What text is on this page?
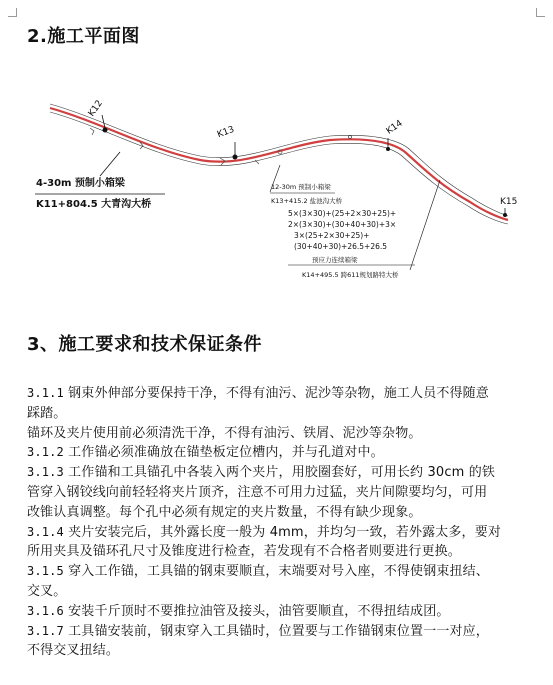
2.施工平面图
K12
K13	K14
K15
4-30m 预制小箱梁
K11+804.5 大青沟大桥
12-30m 预制小箱梁
K13+415.2 盐池沟大桥
5×(3×30)+(25+2×30+25)+
2×(3×30)+(30+40+30)+3×
3×(25+2×30+25)+
(30+40+30)+26.5+26.5
预应力连续箱梁
K14+495.5 跨611规划路特大桥
3、施工要求和技术保证条件

3.1.1 钢束外伸部分要保持干净，不得有油污、泥沙等杂物，施工人员不得随意

踩踏。

锚环及夹片使用前必须清洗干净，不得有油污、铁屑、泥沙等杂物。

3.1.2 工作锚必须准确放在锚垫板定位槽内，并与孔道对中。

3.1.3 工作锚和工具锚孔中各装入两个夹片，用胶圈套好，可用长约 30cm 的铁

管穿入钢铰线向前轻轻将夹片顶齐，注意不可用力过猛，夹片间隙要均匀，可用

改锥认真调整。每个孔中必须有规定的夹片数量，不得有缺少现象。

3.1.4 夹片安装完后，其外露长度一般为 4mm，并均匀一致，若外露太多，要对

所用夹具及锚环孔尺寸及锥度进行检查，若发现有不合格者则要进行更换。

3.1.5 穿入工作锚，工具锚的钢束要顺直，末端要对号入座，不得使钢束扭结、

交叉。

3.1.6 安装千斤顶时不要推拉油管及接头，油管要顺直，不得扭结成团。

3.1.7 工具锚安装前，钢束穿入工具锚时，位置要与工作锚钢束位置一一对应，

不得交叉扭结。
